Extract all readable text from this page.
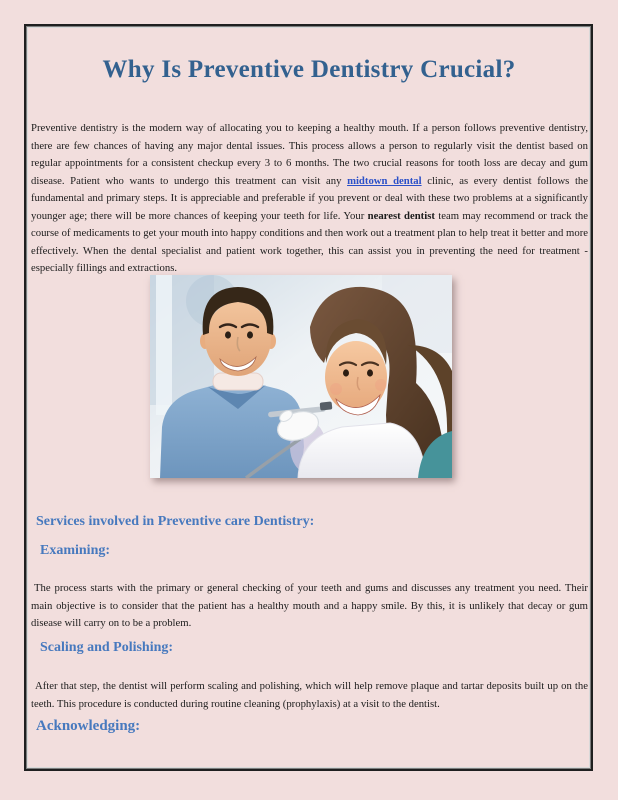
Why Is Preventive Dentistry Crucial?

Preventive dentistry is the modern way of allocating you to keeping a healthy mouth. If a person follows preventive dentistry, there are few chances of having any major dental issues. This process allows a person to regularly visit the dentist based on regular appointments for a consistent checkup every 3 to 6 months. The two crucial reasons for tooth loss are decay and gum disease. Patient who wants to undergo this treatment can visit any midtown dental clinic, as every dentist follows the fundamental and primary steps. It is appreciable and preferable if you prevent or deal with these two problems at a significantly younger age; there will be more chances of keeping your teeth for life. Your nearest dentist team may recommend or track the course of medicaments to get your mouth into happy conditions and then work out a treatment plan to help treat it better and more effectively. When the dental specialist and patient work together, this can assist you in preventing the need for treatment - especially fillings and extractions.

Services involved in Preventive care Dentistry:
Examining:

The process starts with the primary or general checking of your teeth and gums and discusses any treatment you need. Their main objective is to consider that the patient has a healthy mouth and a happy smile. By this, it is unlikely that decay or gum disease will carry on to be a problem.

Scaling and Polishing:

After that step, the dentist will perform scaling and polishing, which will help remove plaque and tartar deposits built up on the teeth. This procedure is conducted during routine cleaning (prophylaxis) at a visit to the dentist.

Acknowledging:
